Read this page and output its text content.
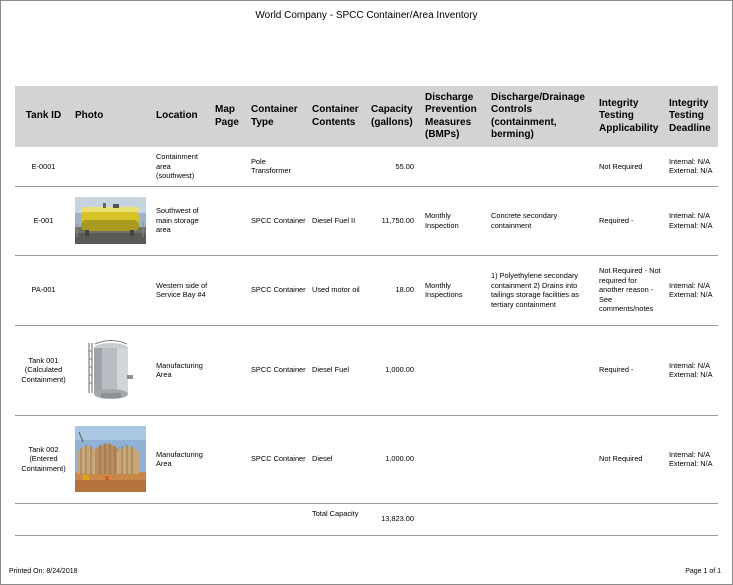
World Company - SPCC Container/Area Inventory
Tank ID	Photo	Location	Map Page	Container Type	Container Contents	Capacity (gallons)	Discharge Prevention Measures (BMPs)	Discharge/Drainage Controls (containment, berming)	Integrity Testing Applicability	Integrity Testing Deadline
E-0001		Containment area (southwest)		Pole Transformer		55.00			Not Required	Internal: N/A External: N/A
E-001		Southwest of main storage area		SPCC Container	Diesel Fuel II	11,750.00	Monthly Inspection	Concrete secondary containment	Required -	Internal: N/A External: N/A
PA-001		Western side of Service Bay #4		SPCC Container	Used motor oil	18.00	Monthly Inspections	1) Polyethylene secondary containment 2) Drains into tailings storage facilities as tertiary containment	Not Required - Not required for another reason - See comments/notes	Internal: N/A External: N/A
Tank 001 (Calculated Containment)		Manufacturing Area		SPCC Container	Diesel Fuel	1,000.00			Required -	Internal: N/A External: N/A
Tank 002 (Entered Containment)		Manufacturing Area		SPCC Container	Diesel	1,000.00			Not Required	Internal: N/A External: N/A
					Total Capacity	13,823.00				
Printed On: 8/24/2018	Page 1 of 1
